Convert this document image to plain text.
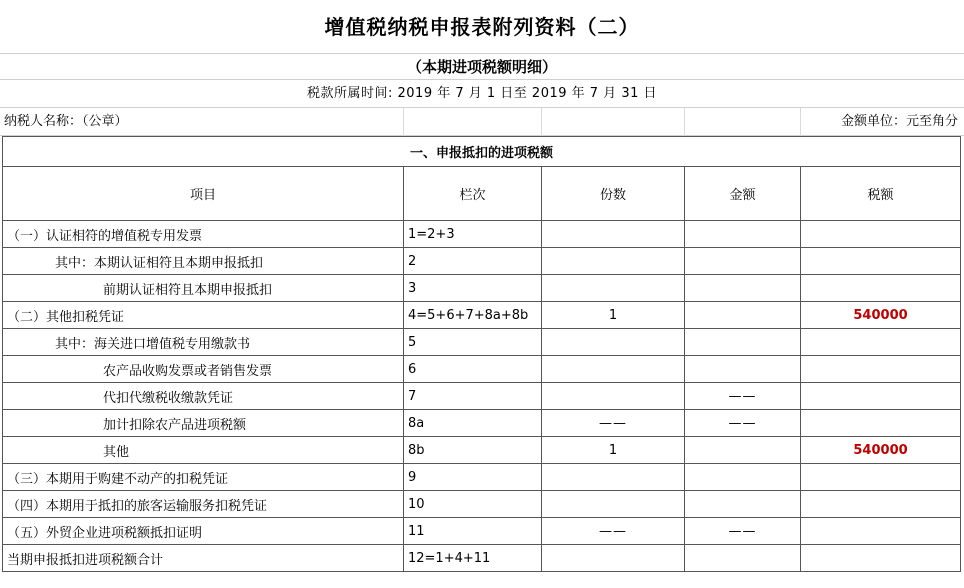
增值税纳税申报表附列资料（二）
（本期进项税额明细）
税款所属时间: 2019 年 7 月 1 日至 2019 年 7 月 31 日
纳税人名称：（公章）	金额单位：元至角分
一、申报抵扣的进项税额				
项目	栏次	份数	金额	税额
（一）认证相符的增值税专用发票	1=2+3			
其中：本期认证相符且本期申报抵扣	2			
前期认证相符且本期申报抵扣	3			
（二）其他扣税凭证	4=5+6+7+8a+8b	1		540000
其中：海关进口增值税专用缴款书	5			
农产品收购发票或者销售发票	6			
代扣代缴税收缴款凭证	7		——	
加计扣除农产品进项税额	8a	——	——	
其他	8b	1		540000
（三）本期用于购建不动产的扣税凭证	9			
（四）本期用于抵扣的旅客运输服务扣税凭证	10			
（五）外贸企业进项税额抵扣证明	11	——	——	
当期申报抵扣进项税额合计	12=1+4+11			
